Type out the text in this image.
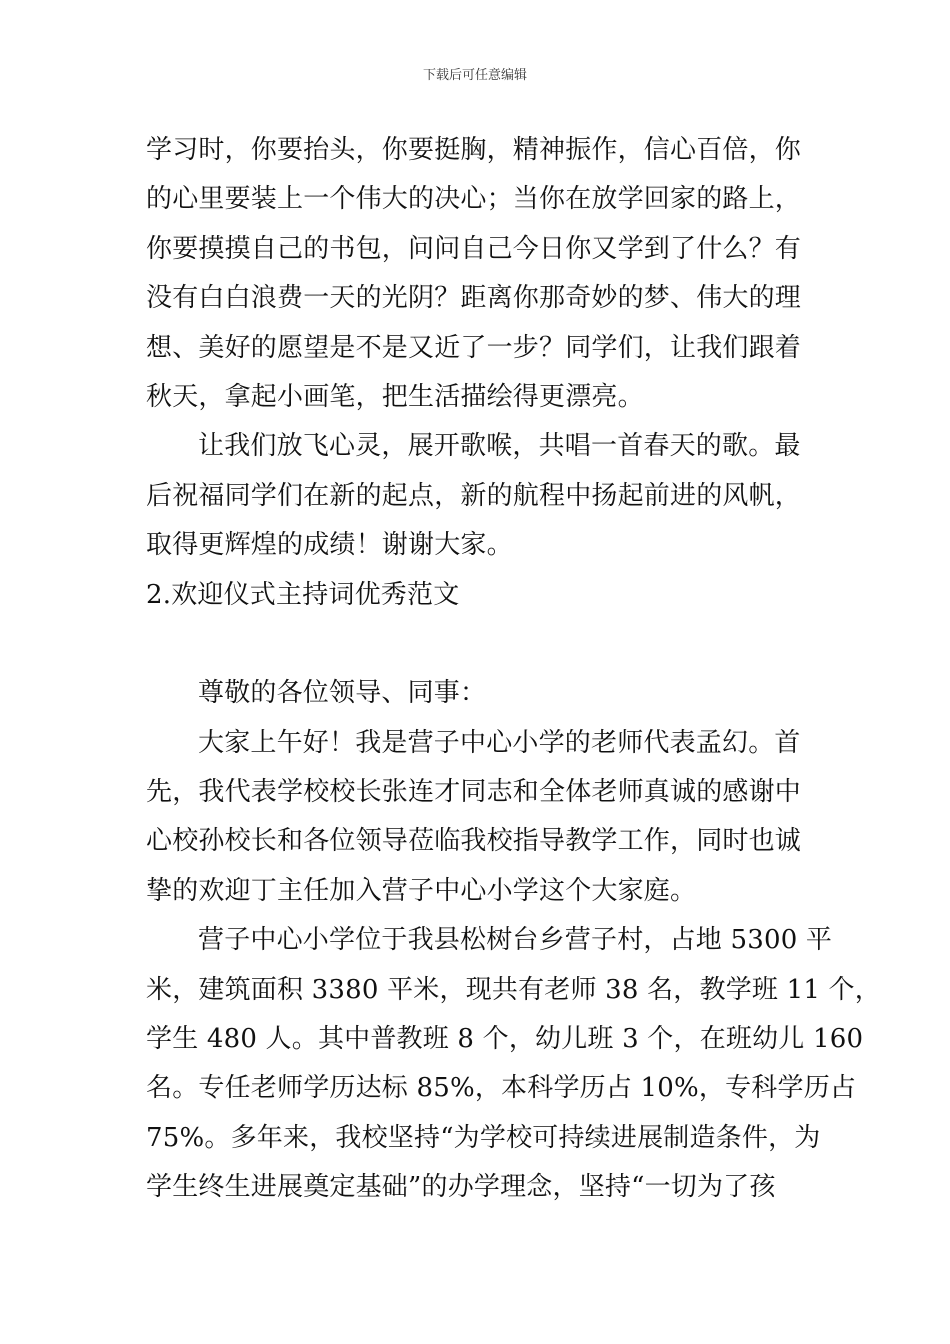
下载后可任意编辑
学习时，你要抬头，你要挺胸，精神振作，信心百倍，你
的心里要装上一个伟大的决心；当你在放学回家的路上，
你要摸摸自己的书包，问问自己今日你又学到了什么？有
没有白白浪费一天的光阴？距离你那奇妙的梦、伟大的理
想、美好的愿望是不是又近了一步？同学们，让我们跟着
秋天，拿起小画笔，把生活描绘得更漂亮。
让我们放飞心灵，展开歌喉，共唱一首春天的歌。最
后祝福同学们在新的起点，新的航程中扬起前进的风帆，
取得更辉煌的成绩！谢谢大家。
2.欢迎仪式主持词优秀范文
尊敬的各位领导、同事：
大家上午好！我是营子中心小学的老师代表孟幻。首
先，我代表学校校长张连才同志和全体老师真诚的感谢中
心校孙校长和各位领导莅临我校指导教学工作，同时也诚
挚的欢迎丁主任加入营子中心小学这个大家庭。
营子中心小学位于我县松树台乡营子村，占地 5300 平
米，建筑面积 3380 平米，现共有老师 38 名，教学班 11 个，
学生 480 人。其中普教班 8 个，幼儿班 3 个，在班幼儿 160
名。专任老师学历达标 85%，本科学历占 10%，专科学历占
75%。多年来，我校坚持“为学校可持续进展制造条件，为
学生终生进展奠定基础”的办学理念，坚持“一切为了孩
